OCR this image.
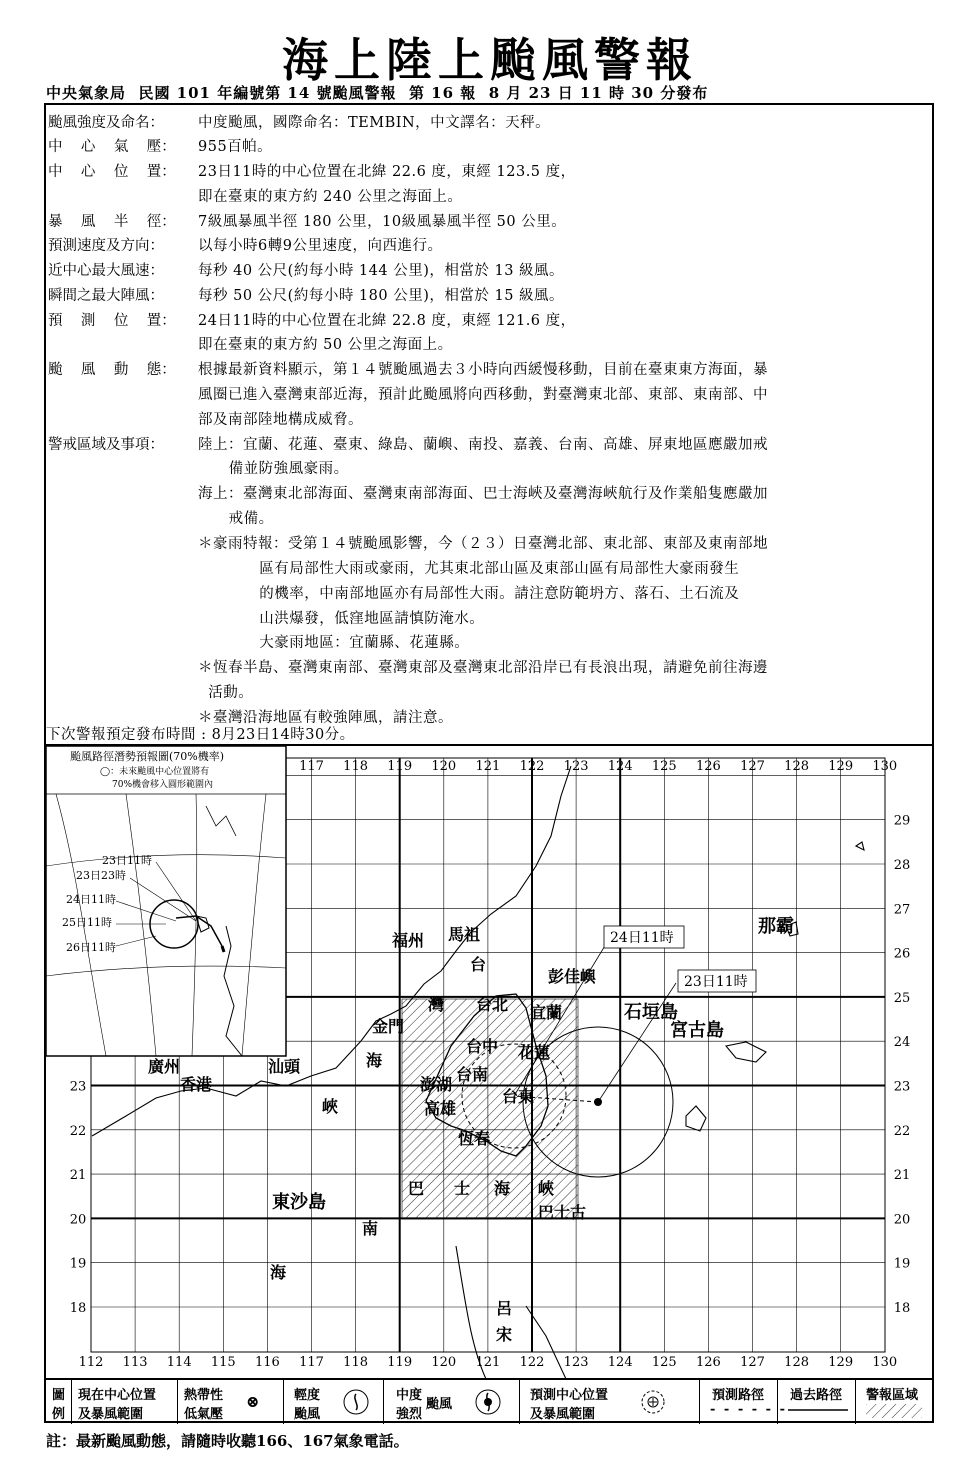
海上陸上颱風警報
中央氣象局  民國 101 年編號第 14 號颱風警報  第 16 報  8 月 23 日 11 時 30 分發布
颱風強度及命名： 中度颱風，國際命名：TEMBIN，中文譯名：天秤。
中    心    氣    壓： 955百帕。
中    心    位    置： 23日11時的中心位置在北緯 22.6 度，東經 123.5 度，
即在臺東的東方約 240 公里之海面上。
暴    風    半    徑： 7級風暴風半徑 180 公里，10級風暴風半徑 50 公里。
預測速度及方向： 以每小時6轉9公里速度，向西進行。
近中心最大風速： 每秒 40 公尺(約每小時 144 公里)，相當於 13 級風。
瞬間之最大陣風： 每秒 50 公尺(約每小時 180 公里)，相當於 15 級風。
預    測    位    置： 24日11時的中心位置在北緯 22.8 度，東經 121.6 度，
即在臺東的東方約 50 公里之海面上。
颱    風    動    態： 根據最新資料顯示，第１４號颱風過去３小時向西緩慢移動，目前在臺東東方海面，暴
風圈已進入臺灣東部近海，預計此颱風將向西移動，對臺灣東北部、東部、東南部、中
部及南部陸地構成威脅。
警戒區域及事項： 陸上：宜蘭、花蓮、臺東、綠島、蘭嶼、南投、嘉義、台南、高雄、屏東地區應嚴加戒
備並防強風豪雨。
海上：臺灣東北部海面、臺灣東南部海面、巴士海峽及臺灣海峽航行及作業船隻應嚴加
戒備。
＊豪雨特報：受第１４號颱風影響，今（２３）日臺灣北部、東北部、東部及東南部地
區有局部性大雨或豪雨，尤其東北部山區及東部山區有局部性大豪雨發生
的機率，中南部地區亦有局部性大雨。請注意防範坍方、落石、土石流及
山洪爆發，低窪地區請慎防淹水。
大豪雨地區：宜蘭縣、花蓮縣。
＊恆春半島、臺灣東南部、臺灣東部及臺灣東北部沿岸已有長浪出現，請避免前往海邊
活動。
＊臺灣沿海地區有較強陣風，請注意。
下次警報預定發布時間 : 8月23日14時30分。
112 113 114 115 116 117
117
118
118
119
119
120
120
121
121
122
122
123
123
124
124
125
125
126
126
127
127
128
128
129
129
130
130
18	18
19	19
20	20
21	21
22	22
23	23
24
25
26
27
28
29
廣州
香港
汕頭
福州 馬祖
台
灣 台北 宜蘭
金門
台中 花蓮
澎湖
台南
台東
高雄
恆春
海
峽
巴士古
東沙島
彭佳嶼
那霸
石垣島
宮古島
巴 士 海 峽
南
海
呂
宋
24日11時
23日11時
颱風路徑潛勢預報圖(70%機率)
◯：未來颱風中心位置將有
70%機會移入圓形範圍內
23日11時
23日23時
24日11時
25日11時
26日11時
圖
例
現在中心位置
及暴風範圍
熱帶性
低氣壓
⊗	輕度
颱風
中度
強烈
颱風
預測中心位置
及暴風範圍
預測路徑
- - - - - -
過去路徑 警報區域
註：最新颱風動態，請隨時收聽166、167氣象電話。
